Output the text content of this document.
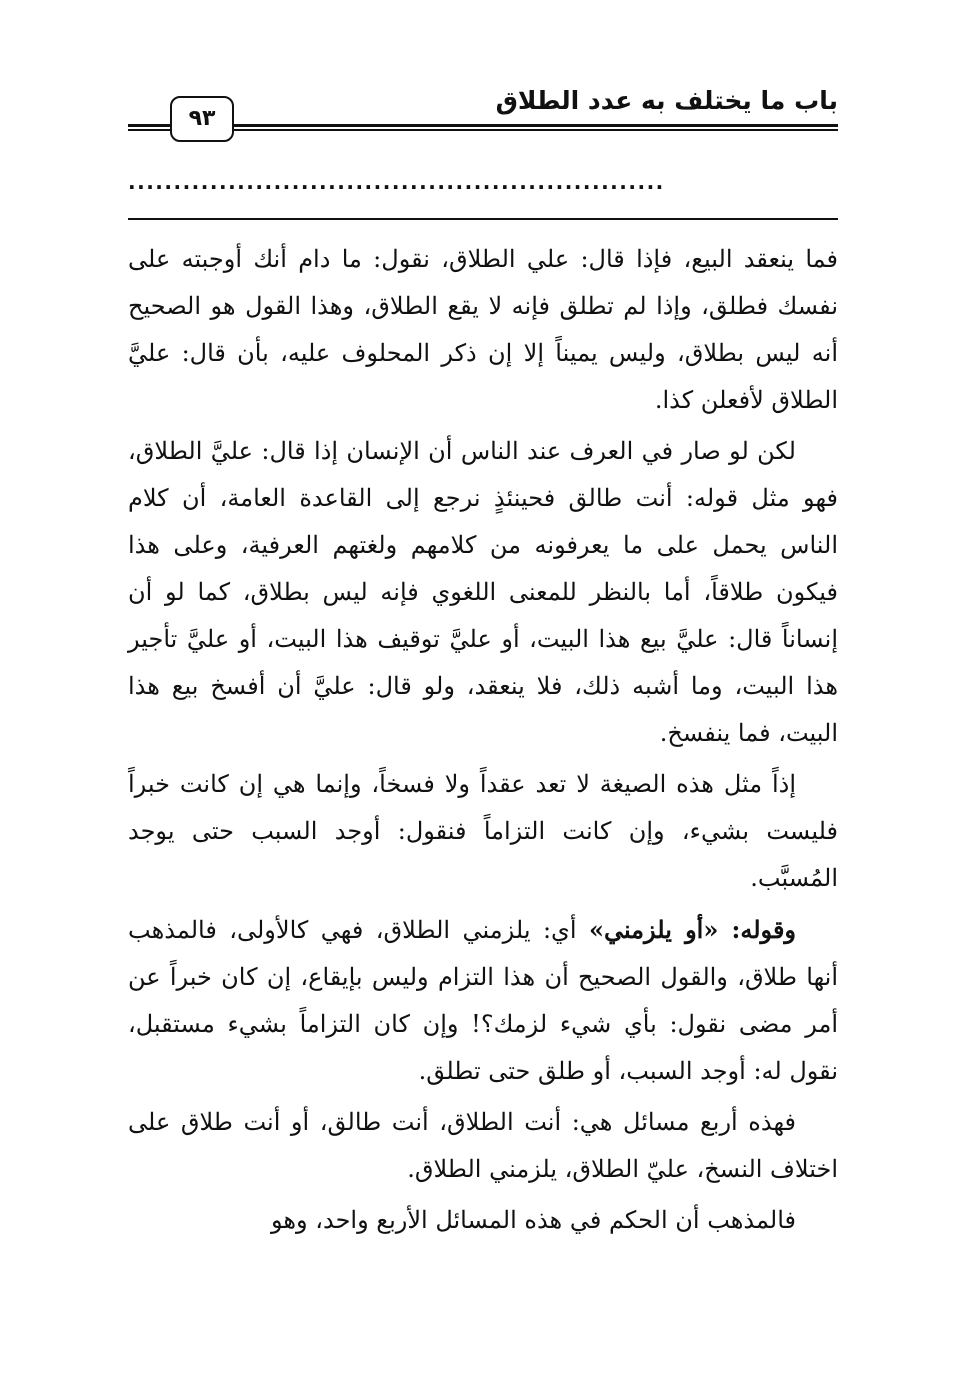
باب ما يختلف به عدد الطلاق
٩٣
...........................................................

فما ينعقد البيع، فإذا قال: علي الطلاق، نقول: ما دام أنك أوجبته على نفسك فطلق، وإذا لم تطلق فإنه لا يقع الطلاق، وهذا القول هو الصحيح أنه ليس بطلاق، وليس يميناً إلا إن ذكر المحلوف عليه، بأن قال: عليَّ الطلاق لأفعلن كذا.

لكن لو صار في العرف عند الناس أن الإنسان إذا قال: عليَّ الطلاق، فهو مثل قوله: أنت طالق فحينئذٍ نرجع إلى القاعدة العامة، أن كلام الناس يحمل على ما يعرفونه من كلامهم ولغتهم العرفية، وعلى هذا فيكون طلاقاً، أما بالنظر للمعنى اللغوي فإنه ليس بطلاق، كما لو أن إنساناً قال: عليَّ بيع هذا البيت، أو عليَّ توقيف هذا البيت، أو عليَّ تأجير هذا البيت، وما أشبه ذلك، فلا ينعقد، ولو قال: عليَّ أن أفسخ بيع هذا البيت، فما ينفسخ.

إذاً مثل هذه الصيغة لا تعد عقداً ولا فسخاً، وإنما هي إن كانت خبراً فليست بشيء، وإن كانت التزاماً فنقول: أوجد السبب حتى يوجد المُسبَّب.

وقوله: «أو يلزمني» أي: يلزمني الطلاق، فهي كالأولى، فالمذهب أنها طلاق، والقول الصحيح أن هذا التزام وليس بإيقاع، إن كان خبراً عن أمر مضى نقول: بأي شيء لزمك؟! وإن كان التزاماً بشيء مستقبل، نقول له: أوجد السبب، أو طلق حتى تطلق.

فهذه أربع مسائل هي: أنت الطلاق، أنت طالق، أو أنت طلاق على اختلاف النسخ، عليّ الطلاق، يلزمني الطلاق.

فالمذهب أن الحكم في هذه المسائل الأربع واحد، وهو
